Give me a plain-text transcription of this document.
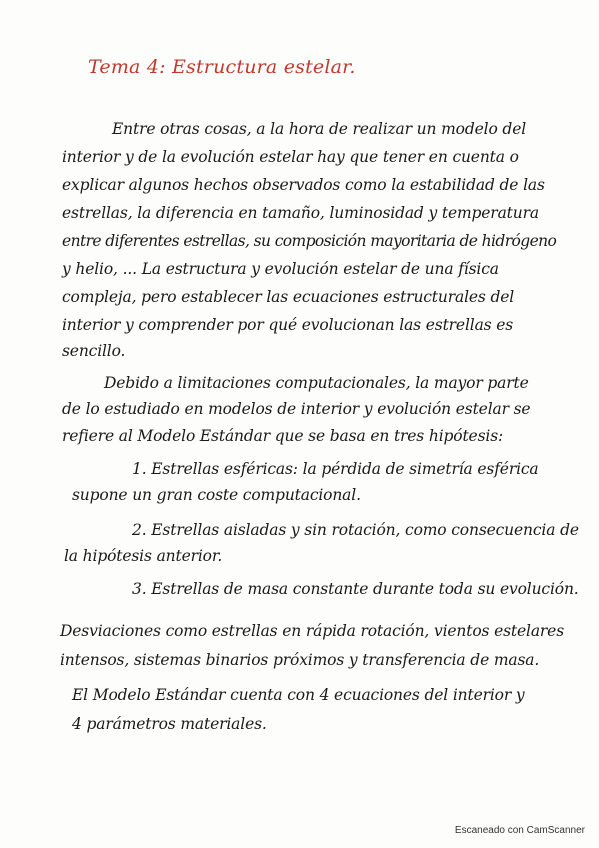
Tema 4: Estructura estelar.
Entre otras cosas, a la hora de realizar un modelo del
interior y de la evolución estelar hay que tener en cuenta o
explicar algunos hechos observados como la estabilidad de las
estrellas, la diferencia en tamaño, luminosidad y temperatura
entre diferentes estrellas, su composición mayoritaria de hidrógeno
y helio, ... La estructura y evolución estelar de una física
compleja, pero establecer las ecuaciones estructurales del
interior y comprender por qué evolucionan las estrellas es
sencillo.
Debido a limitaciones computacionales, la mayor parte
de lo estudiado en modelos de interior y evolución estelar se
refiere al Modelo Estándar que se basa en tres hipótesis:
1. Estrellas esféricas: la pérdida de simetría esférica
supone un gran coste computacional.
2. Estrellas aisladas y sin rotación, como consecuencia de
la hipótesis anterior.
3. Estrellas de masa constante durante toda su evolución.
Desviaciones como estrellas en rápida rotación, vientos estelares
intensos, sistemas binarios próximos y transferencia de masa.
El Modelo Estándar cuenta con 4 ecuaciones del interior y
4 parámetros materiales.
Escaneado con CamScanner
